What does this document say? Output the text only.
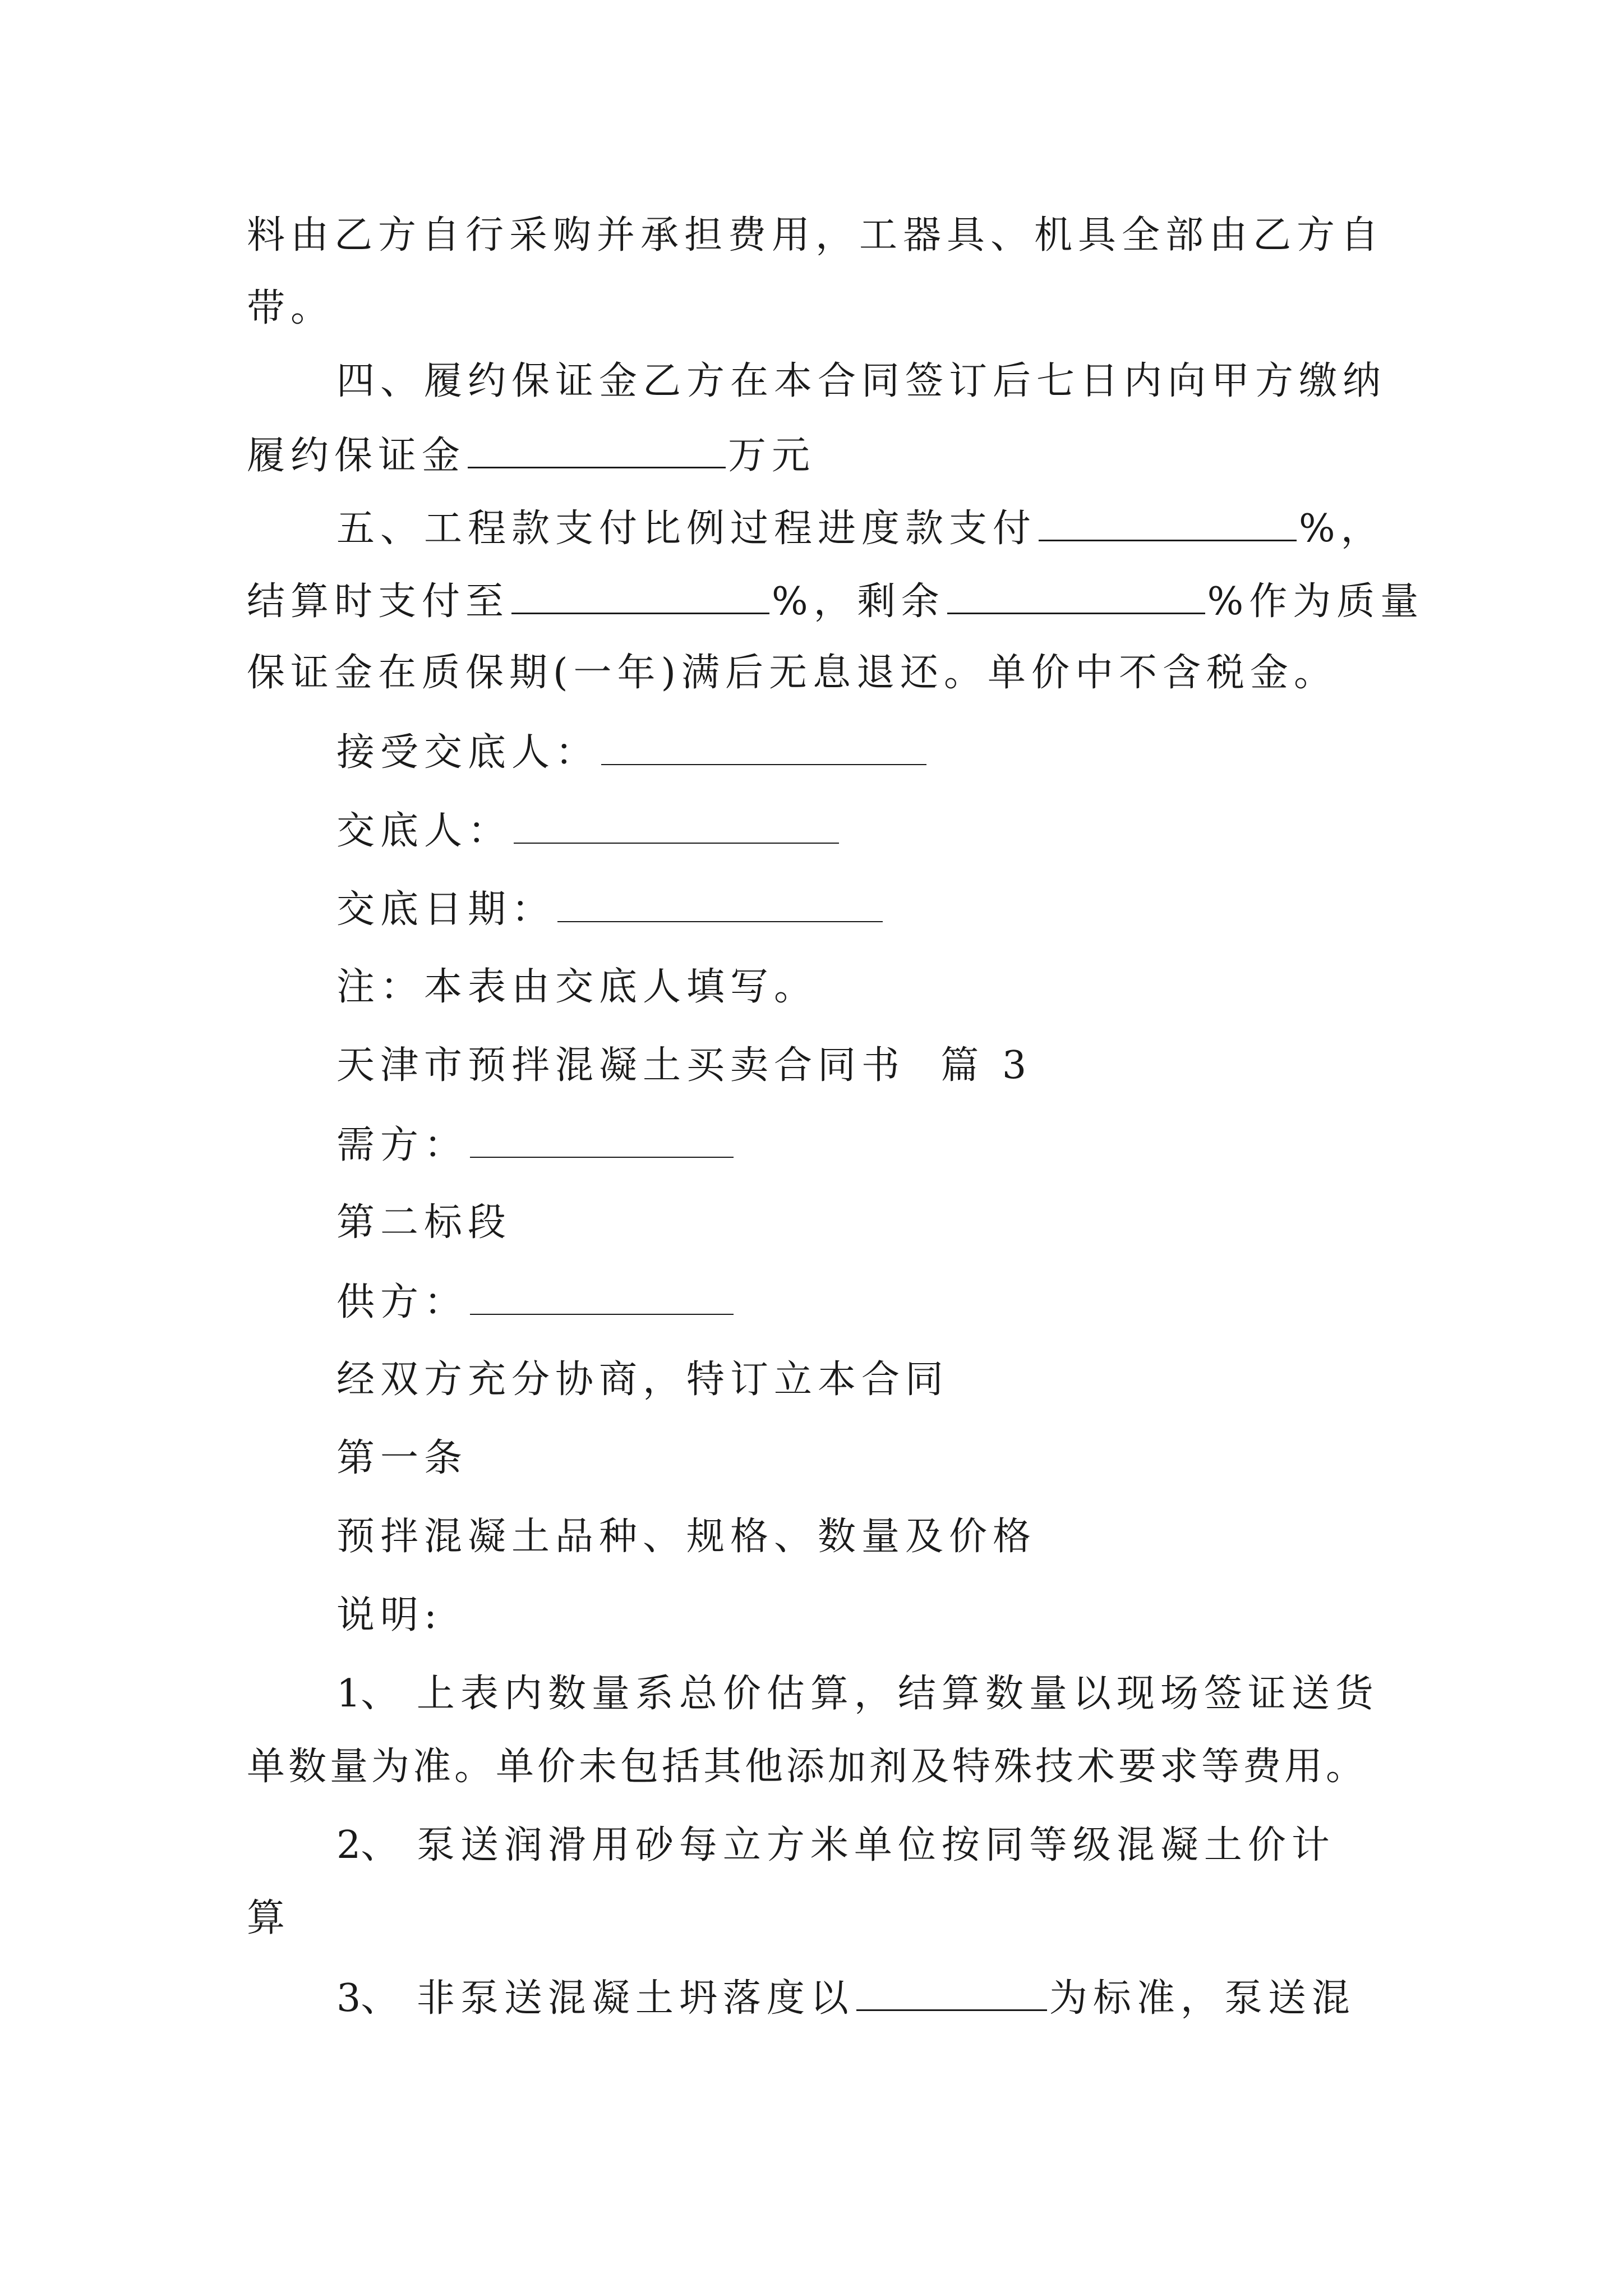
料由乙方自行采购并承担费用，工器具、机具全部由乙方自
带。
四、履约保证金乙方在本合同签订后七日内向甲方缴纳
履约保证金	万元
五、工程款支付比例过程进度款支付	%，
结算时支付至	%，剩余	%作为质量
保证金在质保期(一年)满后无息退还。单价中不含税金。
接受交底人：
交底人：
交底日期：
注：本表由交底人填写。
天津市预拌混凝土买卖合同书  篇 3
需方：
第二标段
供方：
经双方充分协商，特订立本合同
第一条
预拌混凝土品种、规格、数量及价格
说明:
1、 上表内数量系总价估算，结算数量以现场签证送货
单数量为准。单价未包括其他添加剂及特殊技术要求等费用。
2、 泵送润滑用砂每立方米单位按同等级混凝土价计
算
3、 非泵送混凝土坍落度以	为标准，泵送混
